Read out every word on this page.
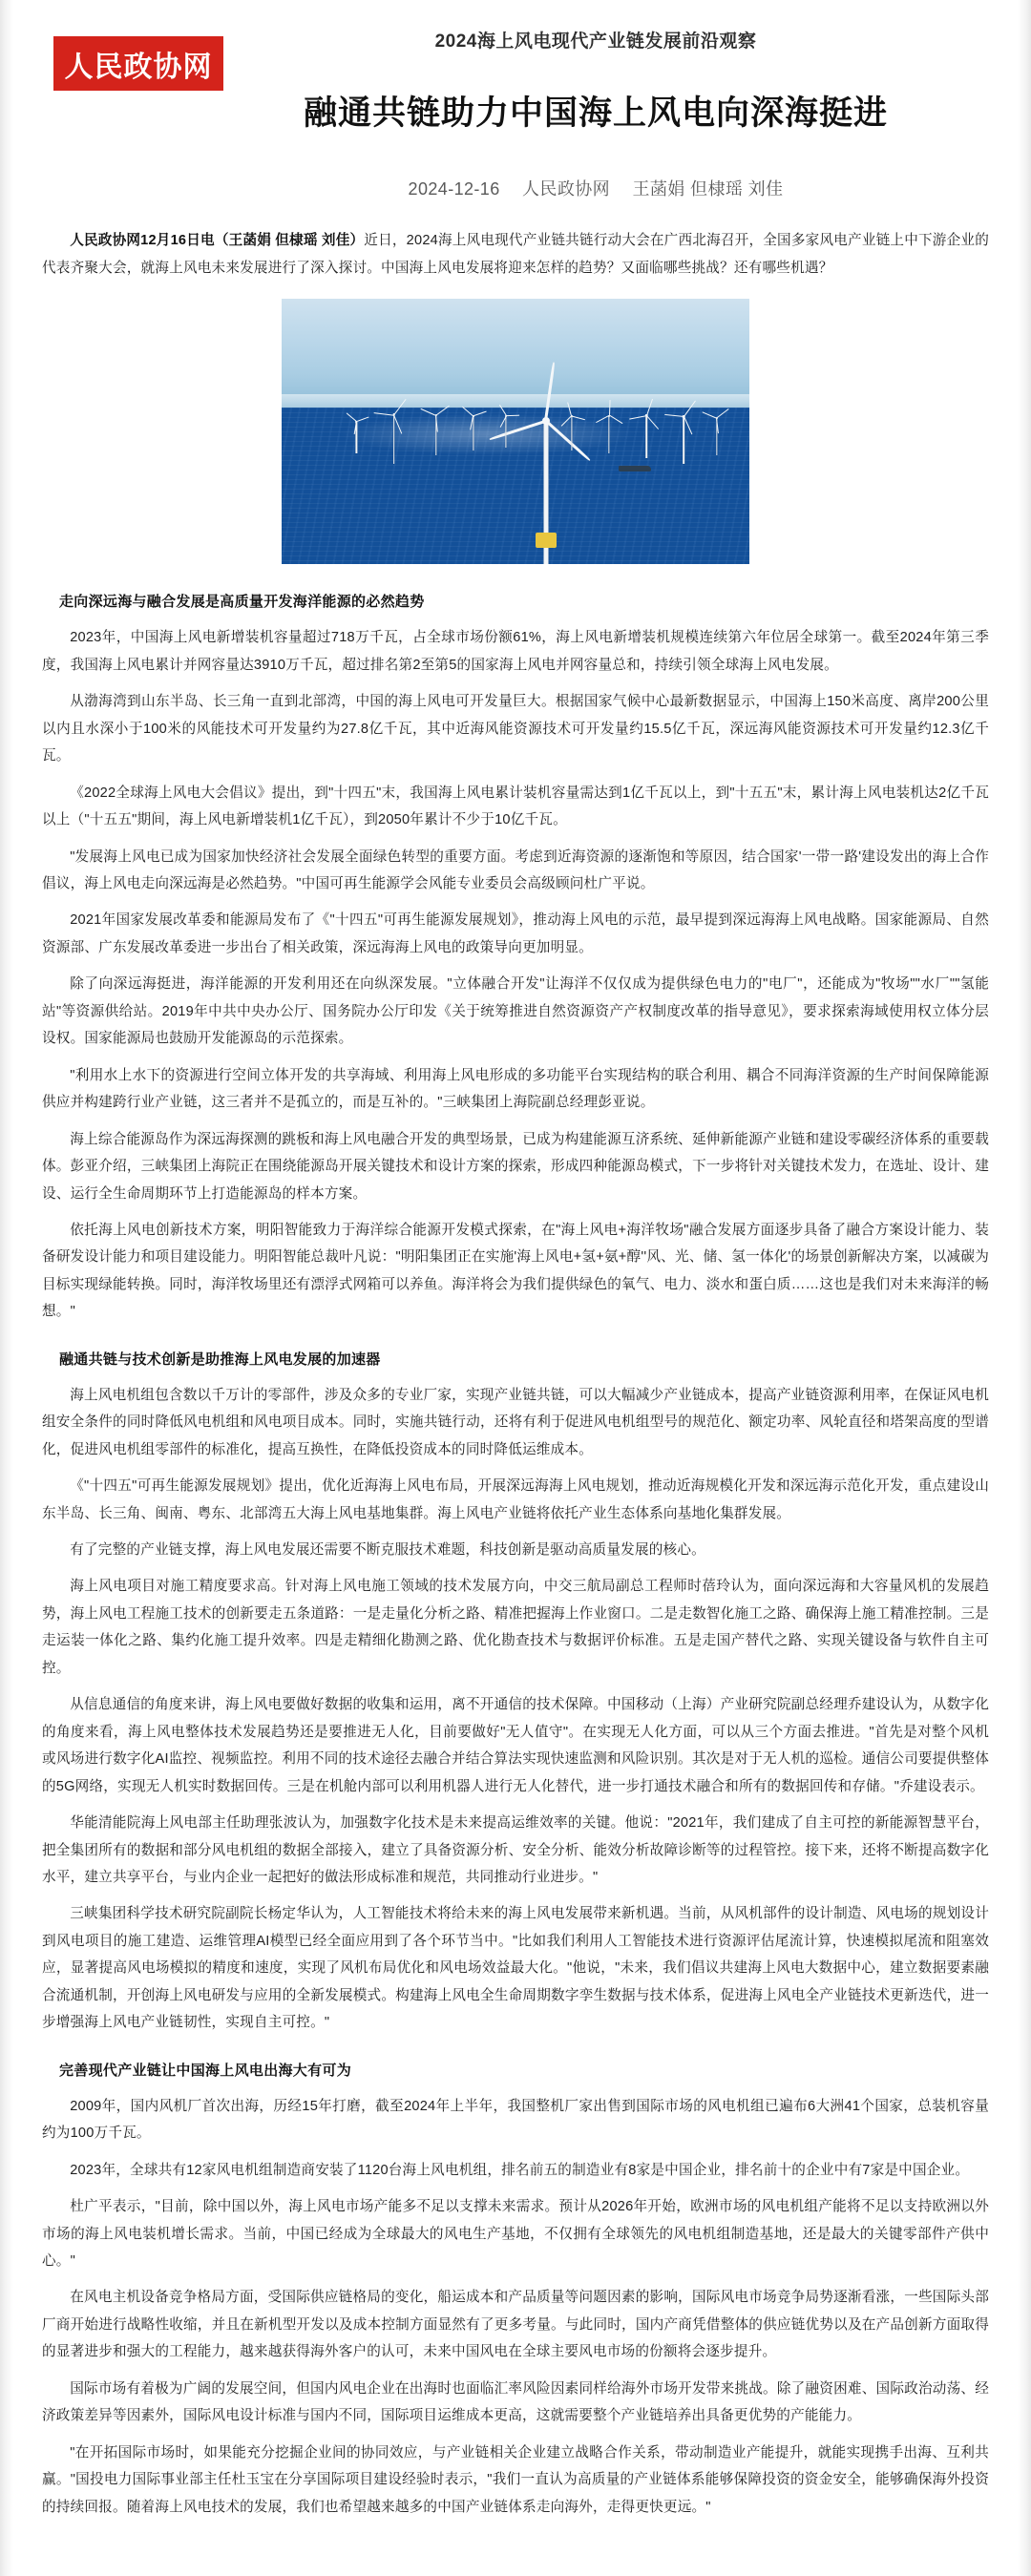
人民政协网
2024海上风电现代产业链发展前沿观察
融通共链助力中国海上风电向深海挺进
2024-12-16 人民政协网 王菡娟 但棣瑶 刘佳

人民政协网12月16日电（王菡娟 但棣瑶 刘佳）近日，2024海上风电现代产业链共链行动大会在广西北海召开，全国多家风电产业链上中下游企业的代表齐聚大会，就海上风电未来发展进行了深入探讨。中国海上风电发展将迎来怎样的趋势？又面临哪些挑战？还有哪些机遇？

走向深远海与融合发展是高质量开发海洋能源的必然趋势

2023年，中国海上风电新增装机容量超过718万千瓦，占全球市场份额61%，海上风电新增装机规模连续第六年位居全球第一。截至2024年第三季度，我国海上风电累计并网容量达3910万千瓦，超过排名第2至第5的国家海上风电并网容量总和，持续引领全球海上风电发展。

从渤海湾到山东半岛、长三角一直到北部湾，中国的海上风电可开发量巨大。根据国家气候中心最新数据显示，中国海上150米高度、离岸200公里以内且水深小于100米的风能技术可开发量约为27.8亿千瓦，其中近海风能资源技术可开发量约15.5亿千瓦，深远海风能资源技术可开发量约12.3亿千瓦。

《2022全球海上风电大会倡议》提出，到"十四五"末，我国海上风电累计装机容量需达到1亿千瓦以上，到"十五五"末，累计海上风电装机达2亿千瓦以上（"十五五"期间，海上风电新增装机1亿千瓦），到2050年累计不少于10亿千瓦。

"发展海上风电已成为国家加快经济社会发展全面绿色转型的重要方面。考虑到近海资源的逐渐饱和等原因，结合国家'一带一路'建设发出的海上合作倡议，海上风电走向深远海是必然趋势。"中国可再生能源学会风能专业委员会高级顾问杜广平说。

2021年国家发展改革委和能源局发布了《"十四五"可再生能源发展规划》，推动海上风电的示范，最早提到深远海海上风电战略。国家能源局、自然资源部、广东发展改革委进一步出台了相关政策，深远海海上风电的政策导向更加明显。

除了向深远海挺进，海洋能源的开发利用还在向纵深发展。"立体融合开发"让海洋不仅仅成为提供绿色电力的"电厂"，还能成为"牧场""水厂""氢能站"等资源供给站。2019年中共中央办公厅、国务院办公厅印发《关于统筹推进自然资源资产产权制度改革的指导意见》，要求探索海域使用权立体分层设权。国家能源局也鼓励开发能源岛的示范探索。

"利用水上水下的资源进行空间立体开发的共享海域、利用海上风电形成的多功能平台实现结构的联合利用、耦合不同海洋资源的生产时间保障能源供应并构建跨行业产业链，这三者并不是孤立的，而是互补的。"三峡集团上海院副总经理彭亚说。

海上综合能源岛作为深远海探测的跳板和海上风电融合开发的典型场景，已成为构建能源互济系统、延伸新能源产业链和建设零碳经济体系的重要载体。彭亚介绍，三峡集团上海院正在围绕能源岛开展关键技术和设计方案的探索，形成四种能源岛模式，下一步将针对关键技术发力，在选址、设计、建设、运行全生命周期环节上打造能源岛的样本方案。

依托海上风电创新技术方案，明阳智能致力于海洋综合能源开发模式探索，在"海上风电+海洋牧场"融合发展方面逐步具备了融合方案设计能力、装备研发设计能力和项目建设能力。明阳智能总裁叶凡说："明阳集团正在实施'海上风电+氢+氨+醇''风、光、储、氢一体化'的场景创新解决方案，以减碳为目标实现绿能转换。同时，海洋牧场里还有漂浮式网箱可以养鱼。海洋将会为我们提供绿色的氧气、电力、淡水和蛋白质……这也是我们对未来海洋的畅想。"

融通共链与技术创新是助推海上风电发展的加速器

海上风电机组包含数以千万计的零部件，涉及众多的专业厂家，实现产业链共链，可以大幅减少产业链成本，提高产业链资源利用率，在保证风电机组安全条件的同时降低风电机组和风电项目成本。同时，实施共链行动，还将有利于促进风电机组型号的规范化、额定功率、风轮直径和塔架高度的型谱化，促进风电机组零部件的标准化，提高互换性，在降低投资成本的同时降低运维成本。

《"十四五"可再生能源发展规划》提出，优化近海海上风电布局，开展深远海海上风电规划，推动近海规模化开发和深远海示范化开发，重点建设山东半岛、长三角、闽南、粤东、北部湾五大海上风电基地集群。海上风电产业链将依托产业生态体系向基地化集群发展。

有了完整的产业链支撑，海上风电发展还需要不断克服技术难题，科技创新是驱动高质量发展的核心。

海上风电项目对施工精度要求高。针对海上风电施工领域的技术发展方向，中交三航局副总工程师时蓓玲认为，面向深远海和大容量风机的发展趋势，海上风电工程施工技术的创新要走五条道路：一是走量化分析之路、精准把握海上作业窗口。二是走数智化施工之路、确保海上施工精准控制。三是走运装一体化之路、集约化施工提升效率。四是走精细化勘测之路、优化勘查技术与数据评价标准。五是走国产替代之路、实现关键设备与软件自主可控。

从信息通信的角度来讲，海上风电要做好数据的收集和运用，离不开通信的技术保障。中国移动（上海）产业研究院副总经理乔建设认为，从数字化的角度来看，海上风电整体技术发展趋势还是要推进无人化，目前要做好"无人值守"。在实现无人化方面，可以从三个方面去推进。"首先是对整个风机或风场进行数字化AI监控、视频监控。利用不同的技术途径去融合并结合算法实现快速监测和风险识别。其次是对于无人机的巡检。通信公司要提供整体的5G网络，实现无人机实时数据回传。三是在机舱内部可以利用机器人进行无人化替代，进一步打通技术融合和所有的数据回传和存储。"乔建设表示。

华能清能院海上风电部主任助理张波认为，加强数字化技术是未来提高运维效率的关键。他说："2021年，我们建成了自主可控的新能源智慧平台，把全集团所有的数据和部分风电机组的数据全部接入，建立了具备资源分析、安全分析、能效分析故障诊断等的过程管控。接下来，还将不断提高数字化水平，建立共享平台，与业内企业一起把好的做法形成标准和规范，共同推动行业进步。"

三峡集团科学技术研究院副院长杨定华认为，人工智能技术将给未来的海上风电发展带来新机遇。当前，从风机部件的设计制造、风电场的规划设计到风电项目的施工建造、运维管理AI模型已经全面应用到了各个环节当中。"比如我们利用人工智能技术进行资源评估尾流计算，快速模拟尾流和阻塞效应，显著提高风电场模拟的精度和速度，实现了风机布局优化和风电场效益最大化。"他说，"未来，我们倡议共建海上风电大数据中心，建立数据要素融合流通机制，开创海上风电研发与应用的全新发展模式。构建海上风电全生命周期数字孪生数据与技术体系，促进海上风电全产业链技术更新迭代，进一步增强海上风电产业链韧性，实现自主可控。"

完善现代产业链让中国海上风电出海大有可为

2009年，国内风机厂首次出海，历经15年打磨，截至2024年上半年，我国整机厂家出售到国际市场的风电机组已遍布6大洲41个国家，总装机容量约为100万千瓦。

2023年，全球共有12家风电机组制造商安装了1120台海上风电机组，排名前五的制造业有8家是中国企业，排名前十的企业中有7家是中国企业。

杜广平表示，"目前，除中国以外，海上风电市场产能多不足以支撑未来需求。预计从2026年开始，欧洲市场的风电机组产能将不足以支持欧洲以外市场的海上风电装机增长需求。当前，中国已经成为全球最大的风电生产基地，不仅拥有全球领先的风电机组制造基地，还是最大的关键零部件产供中心。"

在风电主机设备竞争格局方面，受国际供应链格局的变化，船运成本和产品质量等问题因素的影响，国际风电市场竞争局势逐渐看涨，一些国际头部厂商开始进行战略性收缩，并且在新机型开发以及成本控制方面显然有了更多考量。与此同时，国内产商凭借整体的供应链优势以及在产品创新方面取得的显著进步和强大的工程能力，越来越获得海外客户的认可，未来中国风电在全球主要风电市场的份额将会逐步提升。

国际市场有着极为广阔的发展空间，但国内风电企业在出海时也面临汇率风险因素同样给海外市场开发带来挑战。除了融资困难、国际政治动荡、经济政策差异等因素外，国际风电设计标准与国内不同，国际项目运维成本更高，这就需要整个产业链培养出具备更优势的产能能力。

"在开拓国际市场时，如果能充分挖掘企业间的协同效应，与产业链相关企业建立战略合作关系，带动制造业产能提升，就能实现携手出海、互利共赢。"国投电力国际事业部主任杜玉宝在分享国际项目建设经验时表示，"我们一直认为高质量的产业链体系能够保障投资的资金安全，能够确保海外投资的持续回报。随着海上风电技术的发展，我们也希望越来越多的中国产业链体系走向海外，走得更快更远。"
